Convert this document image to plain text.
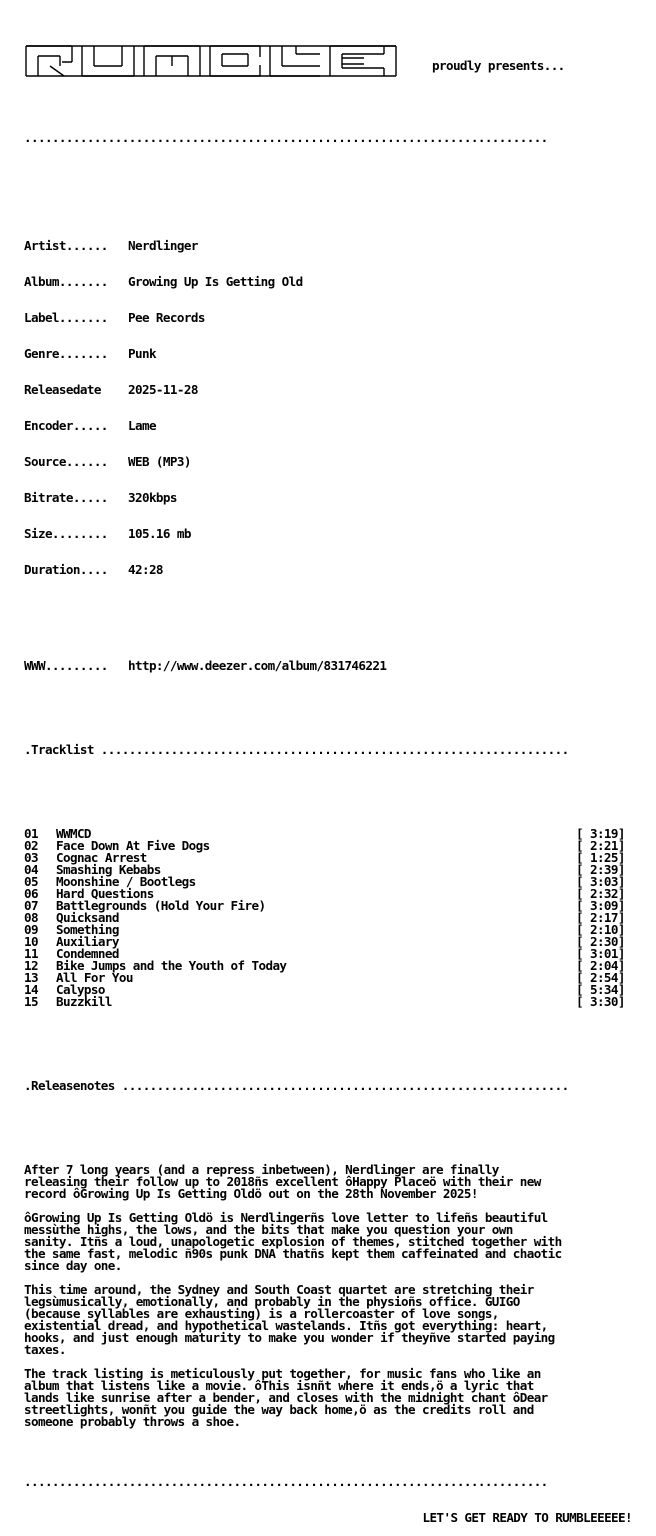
proudly presents...

...........................................................................

Artist...... Nerdlinger

Album....... Growing Up Is Getting Old

Label....... Pee Records

Genre....... Punk

Releasedate 2025-11-28

Encoder..... Lame

Source...... WEB (MP3)

Bitrate..... 320kbps

Size........ 105.16 mb

Duration.... 42:28

WWW......... http://www.deezer.com/album/831746221

.Tracklist ...................................................................

01 WWMCD	[ 3:19]
02 Face Down At Five Dogs	[ 2:21]
03 Cognac Arrest	[ 1:25]
04 Smashing Kebabs	[ 2:39]
05 Moonshine / Bootlegs	[ 3:03]
06 Hard Questions	[ 2:32]
07 Battlegrounds (Hold Your Fire)	[ 3:09]
08 Quicksand	[ 2:17]
09 Something	[ 2:10]
10 Auxiliary	[ 2:30]
11 Condemned	[ 3:01]
12 Bike Jumps and the Youth of Today	[ 2:04]
13 All For You	[ 2:54]
14 Calypso	[ 5:34]
15 Buzzkill	[ 3:30]

.Releasenotes ................................................................

After 7 long years (and a repress inbetween), Nerdlinger are finally
releasing their follow up to 2018ñs excellent ôHappy Placeö with their new
record ôGrowing Up Is Getting Oldö out on the 28th November 2025!
ôGrowing Up Is Getting Oldö is Nerdlingerñs love letter to lifeñs beautiful
messùthe highs, the lows, and the bits that make you question your own
sanity. Itñs a loud, unapologetic explosion of themes, stitched together with
the same fast, melodic ñ90s punk DNA thatñs kept them caffeinated and chaotic
since day one.
This time around, the Sydney and South Coast quartet are stretching their
legsùmusically, emotionally, and probably in the physioñs office. GUIGO
(because syllables are exhausting) is a rollercoaster of love songs,
existential dread, and hypothetical wastelands. Itñs got everything: heart,
hooks, and just enough maturity to make you wonder if theyñve started paying
taxes.
The track listing is meticulously put together, for music fans who like an
album that listens like a movie. ôThis isnñt where it ends,ö a lyric that
lands like sunrise after a bender, and closes with the midnight chant ôDear
streetlights, wonñt you guide the way back home,ö as the credits roll and
someone probably throws a shoe.

...........................................................................

LET'S GET READY TO RUMBLEEEEE!
